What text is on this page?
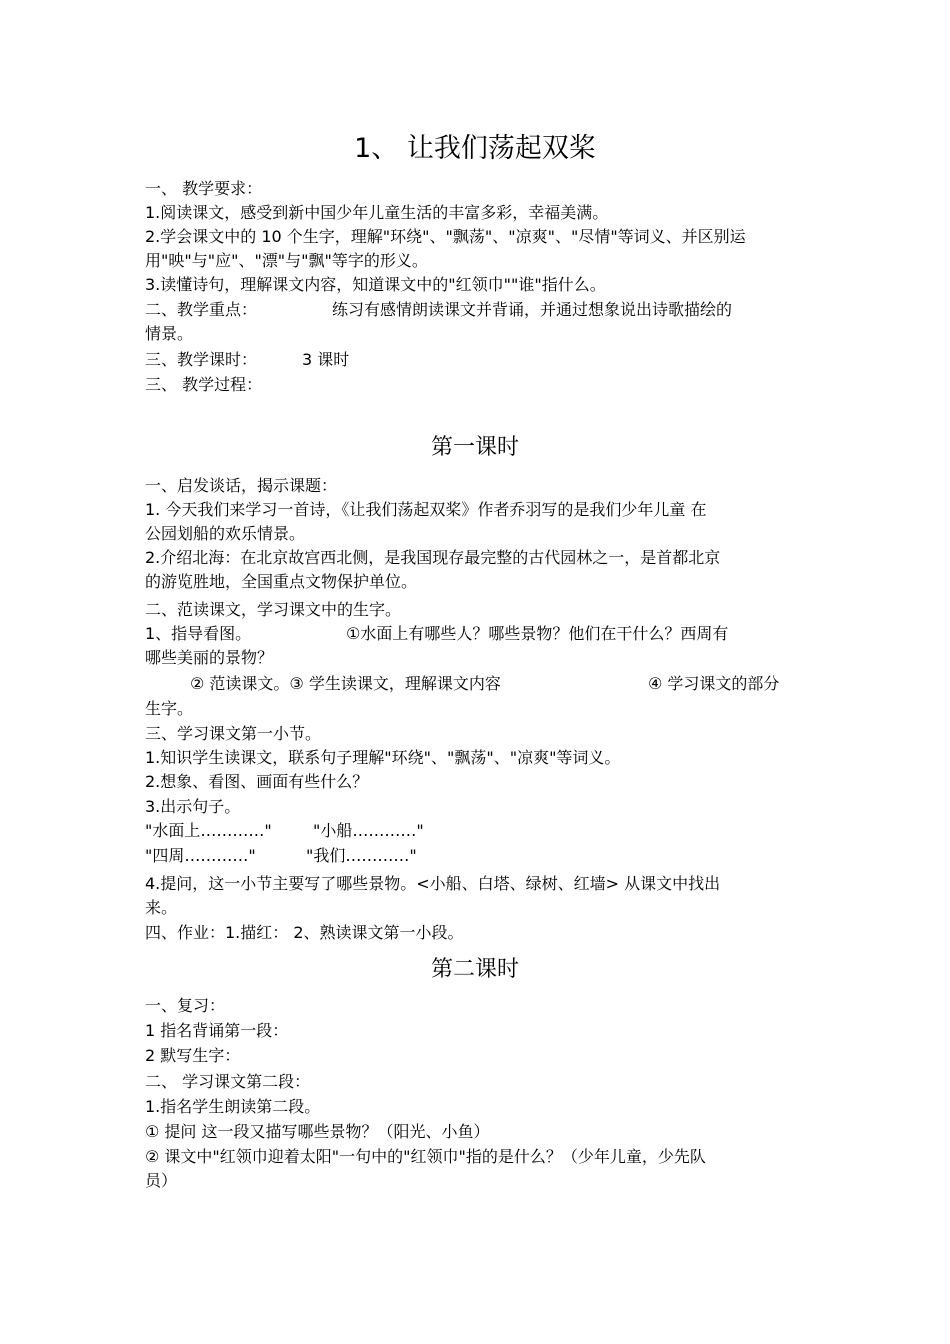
1、 让我们荡起双桨
一、 教学要求：
1.阅读课文，感受到新中国少年儿童生活的丰富多彩，幸福美满。
2.学会课文中的 10 个生字，理解"环绕"、"飘荡"、"凉爽"、"尽情"等词义、并区别运
用"映"与"应"、"漂"与"飘"等字的形义。
3.读懂诗句，理解课文内容，知道课文中的"红领巾""谁"指什么。
二、教学重点：	练习有感情朗读课文并背诵，并通过想象说出诗歌描绘的
情景。
三、教学课时：	3 课时
三、 教学过程：
第一课时
一、启发谈话，揭示课题：
1. 今天我们来学习一首诗，《让我们荡起双桨》作者乔羽写的是我们少年儿童 在
公园划船的欢乐情景。
2.介绍北海：在北京故宫西北侧，是我国现存最完整的古代园林之一，是首都北京
的游览胜地，全国重点文物保护单位。
二、范读课文，学习课文中的生字。
1、指导看图。	①水面上有哪些人？哪些景物？他们在干什么？西周有
哪些美丽的景物？
② 范读课文。③ 学生读课文，理解课文内容	④ 学习课文的部分
生字。
三、学习课文第一小节。
1.知识学生读课文，联系句子理解"环绕"、"飘荡"、"凉爽"等词义。
2.想象、看图、画面有些什么？
3.出示句子。
"水面上…………"	"小船…………"
"四周…………"	"我们…………"
4.提问，这一小节主要写了哪些景物。<小船、白塔、绿树、红墙> 从课文中找出
来。
四、作业：1.描红： 2、熟读课文第一小段。
第二课时
一、复习：
1 指名背诵第一段：
2 默写生字：
二、 学习课文第二段：
1.指名学生朗读第二段。
① 提问 这一段又描写哪些景物？（阳光、小鱼）
② 课文中"红领巾迎着太阳"一句中的"红领巾"指的是什么？（少年儿童，少先队
员）
